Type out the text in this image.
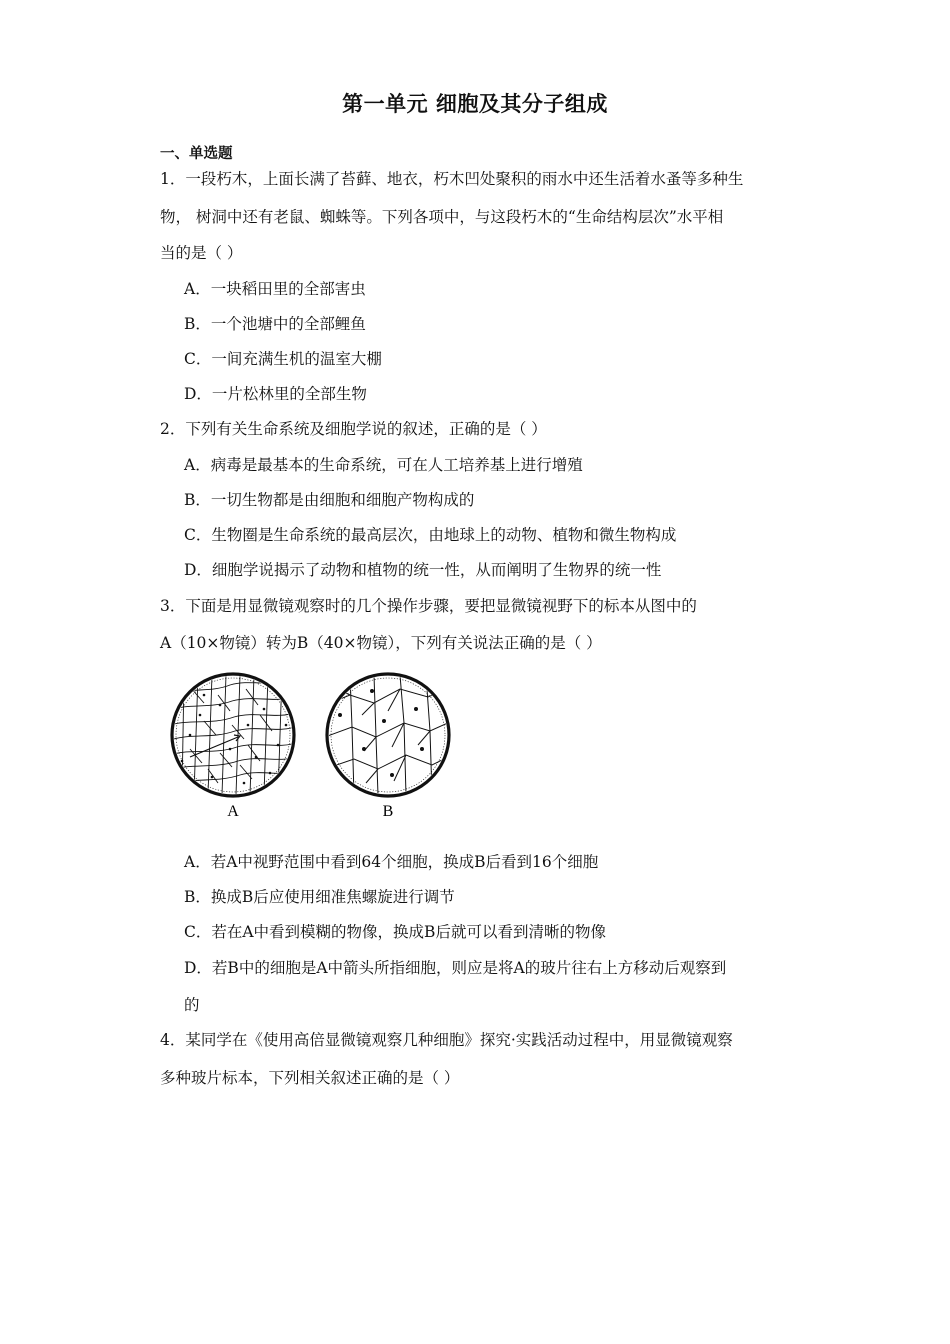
第一单元 细胞及其分子组成
一、单选题
1．一段朽木，上面长满了苔藓、地衣，朽木凹处聚积的雨水中还生活着水蚤等多种生
物， 树洞中还有老鼠、蜘蛛等。下列各项中，与这段朽木的“生命结构层次”水平相
当的是（ ）
A．一块稻田里的全部害虫
B．一个池塘中的全部鲤鱼
C．一间充满生机的温室大棚
D．一片松林里的全部生物
2．下列有关生命系统及细胞学说的叙述，正确的是（ ）
A．病毒是最基本的生命系统，可在人工培养基上进行增殖
B．一切生物都是由细胞和细胞产物构成的
C．生物圈是生命系统的最高层次，由地球上的动物、植物和微生物构成
D．细胞学说揭示了动物和植物的统一性，从而阐明了生物界的统一性
3．下面是用显微镜观察时的几个操作步骤，要把显微镜视野下的标本从图中的
A（10×物镜）转为B（40×物镜），下列有关说法正确的是（ ）
A	B
A．若A中视野范围中看到64个细胞，换成B后看到16个细胞
B．换成B后应使用细准焦螺旋进行调节
C．若在A中看到模糊的物像，换成B后就可以看到清晰的物像
D．若B中的细胞是A中箭头所指细胞，则应是将A的玻片往右上方移动后观察到
的
4．某同学在《使用高倍显微镜观察几种细胞》探究·实践活动过程中，用显微镜观察
多种玻片标本，下列相关叙述正确的是（ ）
